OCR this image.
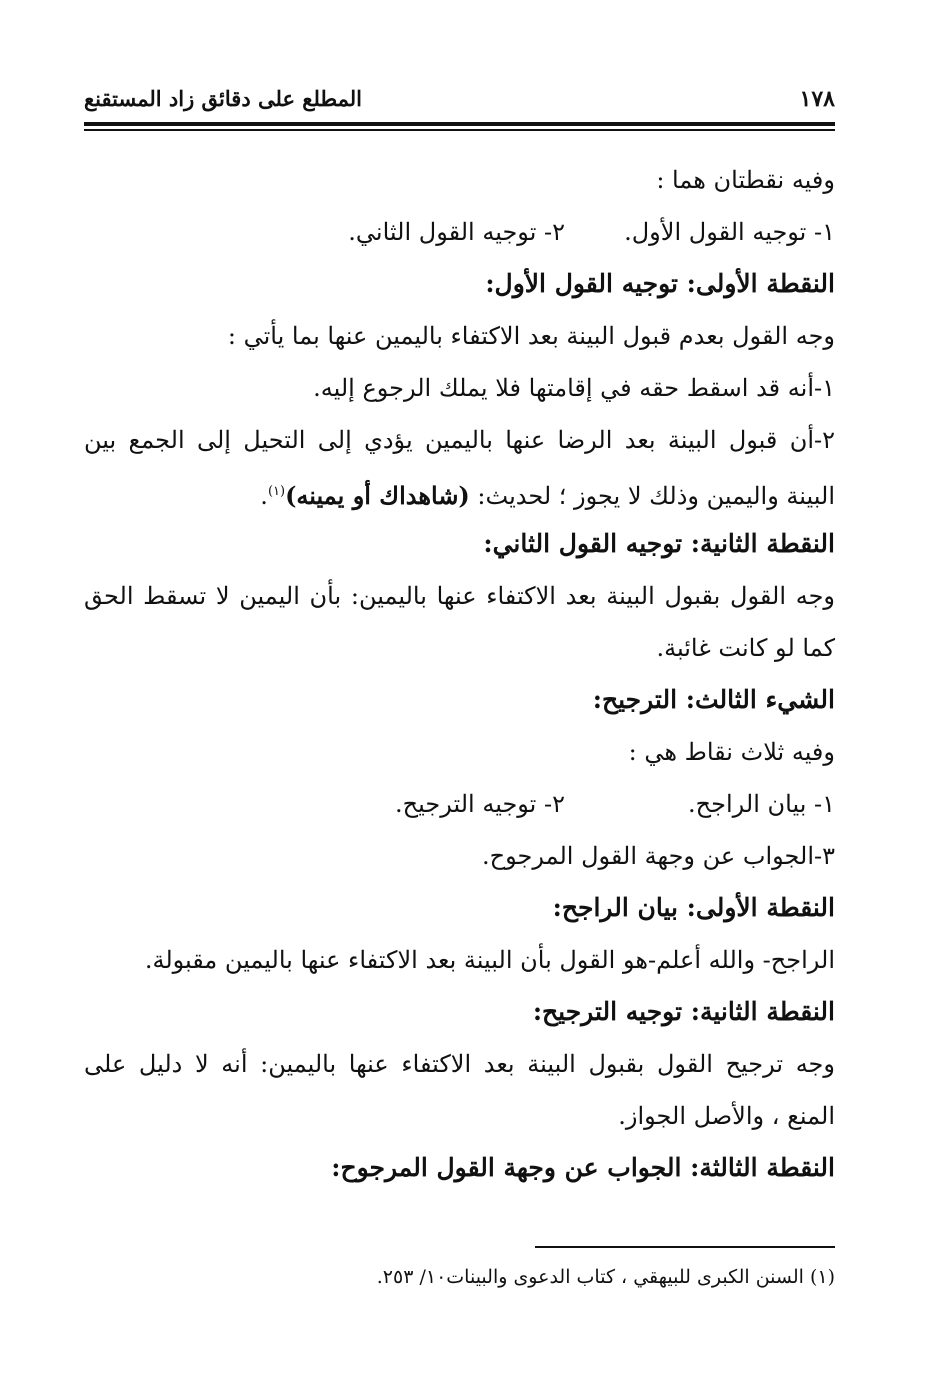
١٧٨
المطلع على دقائق زاد المستقنع
وفيه نقطتان هما :
١- توجيه القول الأول.
٢- توجيه القول الثاني.
النقطة الأولى: توجيه القول الأول:
وجه القول بعدم قبول البينة بعد الاكتفاء باليمين عنها بما يأتي :
١-أنه قد اسقط حقه في إقامتها فلا يملك الرجوع إليه.
٢-أن قبول البينة بعد الرضا عنها باليمين يؤدي إلى التحيل إلى الجمع بين
البينة واليمين وذلك لا يجوز ؛ لحديث: (شاهداك أو يمينه)$^{(١)}$.
النقطة الثانية: توجيه القول الثاني:
وجه القول بقبول البينة بعد الاكتفاء عنها باليمين: بأن اليمين لا تسقط الحق
كما لو كانت غائبة.
الشيء الثالث: الترجيح:
وفيه ثلاث نقاط هي :
١- بيان الراجح.
٢- توجيه الترجيح.
٣-الجواب عن وجهة القول المرجوح.
النقطة الأولى: بيان الراجح:
الراجح- والله أعلم-هو القول بأن البينة بعد الاكتفاء عنها باليمين مقبولة.
النقطة الثانية: توجيه الترجيح:
وجه ترجيح القول بقبول البينة بعد الاكتفاء عنها باليمين: أنه لا دليل على
المنع ، والأصل الجواز.
النقطة الثالثة: الجواب عن وجهة القول المرجوح:
(١) السنن الكبرى للبيهقي ، كتاب الدعوى والبينات١٠/ ٢٥٣.
